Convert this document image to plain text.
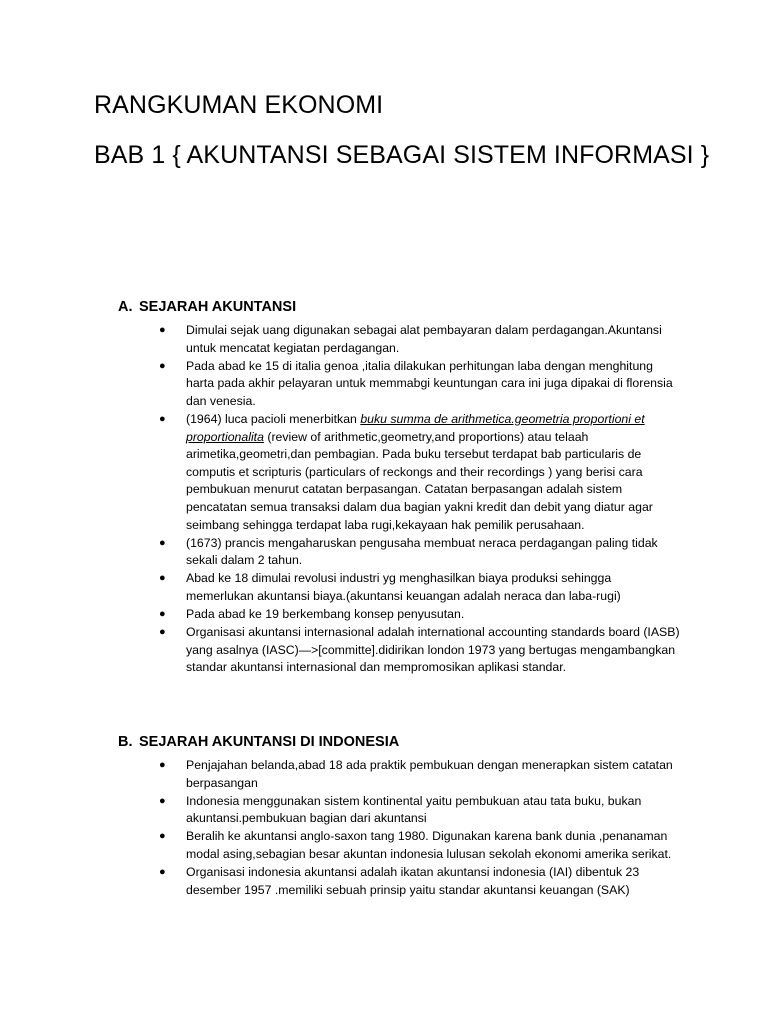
RANGKUMAN EKONOMI
BAB 1 { AKUNTANSI SEBAGAI SISTEM INFORMASI }
A. SEJARAH AKUNTANSI
● Dimulai sejak uang digunakan sebagai alat pembayaran dalam perdagangan.Akuntansi untuk mencatat kegiatan perdagangan.
● Pada abad ke 15 di italia genoa ,italia dilakukan perhitungan laba dengan menghitung harta pada akhir pelayaran untuk memmabgi keuntungan cara ini juga dipakai di florensia dan venesia.
● (1964) luca pacioli menerbitkan buku summa de arithmetica.geometria proportioni et proportionalita (review of arithmetic,geometry,and proportions) atau telaah arimetika,geometri,dan pembagian. Pada buku tersebut terdapat bab particularis de computis et scripturis (particulars of reckongs and their recordings ) yang berisi cara pembukuan menurut catatan berpasangan. Catatan berpasangan adalah sistem pencatatan semua transaksi dalam dua bagian yakni kredit dan debit yang diatur agar seimbang sehingga terdapat laba rugi,kekayaan hak pemilik perusahaan.
● (1673) prancis mengaharuskan pengusaha membuat neraca perdagangan paling tidak sekali dalam 2 tahun.
● Abad ke 18 dimulai revolusi industri yg menghasilkan biaya produksi sehingga memerlukan akuntansi biaya.(akuntansi keuangan adalah neraca dan laba-rugi)
● Pada abad ke 19 berkembang konsep penyusutan.
● Organisasi akuntansi internasional adalah international accounting standards board (IASB) yang asalnya (IASC)—>[committe].didirikan london 1973 yang bertugas mengambangkan standar akuntansi internasional dan mempromosikan aplikasi standar.
B. SEJARAH AKUNTANSI DI INDONESIA
● Penjajahan belanda,abad 18 ada praktik pembukuan dengan menerapkan sistem catatan berpasangan
● Indonesia menggunakan sistem kontinental yaitu pembukuan atau tata buku, bukan akuntansi.pembukuan bagian dari akuntansi
● Beralih ke akuntansi anglo-saxon tang 1980. Digunakan karena bank dunia ,penanaman modal asing,sebagian besar akuntan indonesia lulusan sekolah ekonomi amerika serikat.
● Organisasi indonesia akuntansi adalah ikatan akuntansi indonesia (IAI) dibentuk 23 desember 1957 .memiliki sebuah prinsip yaitu standar akuntansi keuangan (SAK)
